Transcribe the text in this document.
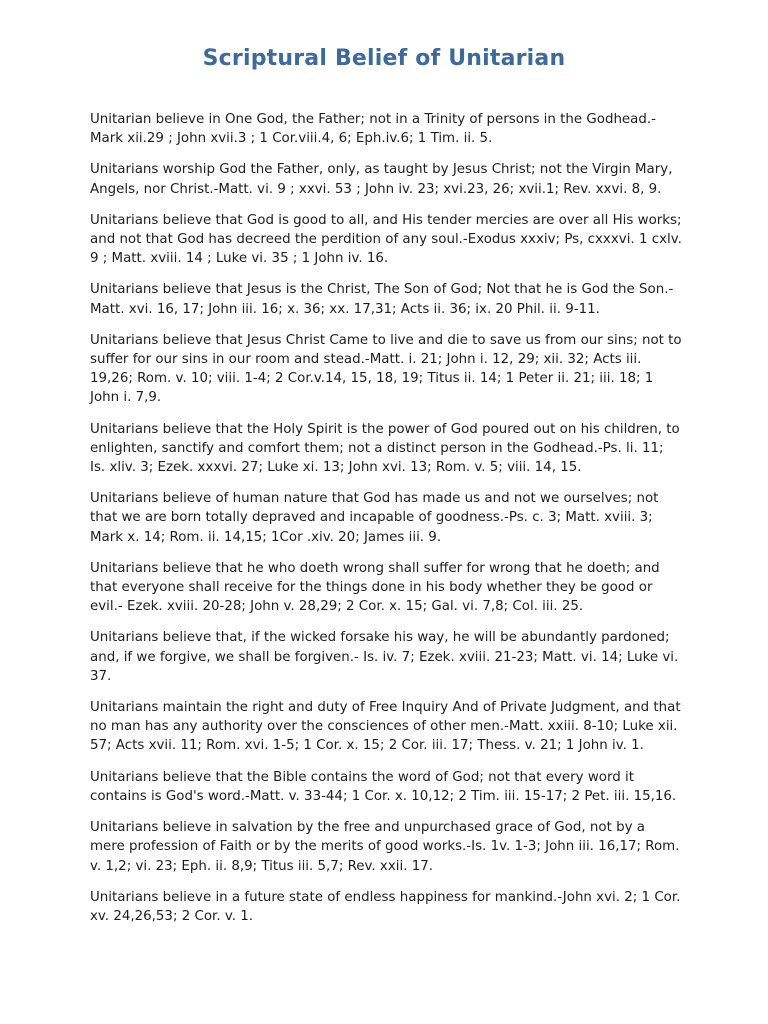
Scriptural Belief of Unitarian

Unitarian believe in One God, the Father; not in a Trinity of persons in the Godhead.-Mark xii.29 ; John xvii.3 ; 1 Cor.viii.4, 6; Eph.iv.6; 1 Tim. ii. 5.

Unitarians worship God the Father, only, as taught by Jesus Christ; not the Virgin Mary, Angels, nor Christ.-Matt. vi. 9 ; xxvi. 53 ; John iv. 23; xvi.23, 26; xvii.1; Rev. xxvi. 8, 9.

Unitarians believe that God is good to all, and His tender mercies are over all His works; and not that God has decreed the perdition of any soul.-Exodus xxxiv; Ps, cxxxvi. 1 cxlv. 9 ; Matt. xviii. 14 ; Luke vi. 35 ; 1 John iv. 16.

Unitarians believe that Jesus is the Christ, The Son of God; Not that he is God the Son.-Matt. xvi. 16, 17; John iii. 16; x. 36; xx. 17,31; Acts ii. 36; ix. 20 Phil. ii. 9-11.

Unitarians believe that Jesus Christ Came to live and die to save us from our sins; not to suffer for our sins in our room and stead.-Matt. i. 21; John i. 12, 29; xii. 32; Acts iii. 19,26; Rom. v. 10; viii. 1-4; 2 Cor.v.14, 15, 18, 19; Titus ii. 14; 1 Peter ii. 21; iii. 18; 1 John i. 7,9.

Unitarians believe that the Holy Spirit is the power of God poured out on his children, to enlighten, sanctify and comfort them; not a distinct person in the Godhead.-Ps. li. 11; Is. xliv. 3; Ezek. xxxvi. 27; Luke xi. 13; John xvi. 13; Rom. v. 5; viii. 14, 15.

Unitarians believe of human nature that God has made us and not we ourselves; not that we are born totally depraved and incapable of goodness.-Ps. c. 3; Matt. xviii. 3; Mark x. 14; Rom. ii. 14,15; 1Cor .xiv. 20; James iii. 9.

Unitarians believe that he who doeth wrong shall suffer for wrong that he doeth; and that everyone shall receive for the things done in his body whether they be good or evil.- Ezek. xviii. 20-28; John v. 28,29; 2 Cor. x. 15; Gal. vi. 7,8; Col. iii. 25.

Unitarians believe that, if the wicked forsake his way, he will be abundantly pardoned; and, if we forgive, we shall be forgiven.- Is. iv. 7; Ezek. xviii. 21-23; Matt. vi. 14; Luke vi. 37.

Unitarians maintain the right and duty of Free Inquiry And of Private Judgment, and that no man has any authority over the consciences of other men.-Matt. xxiii. 8-10; Luke xii. 57; Acts xvii. 11; Rom. xvi. 1-5; 1 Cor. x. 15; 2 Cor. iii. 17; Thess. v. 21; 1 John iv. 1.

Unitarians believe that the Bible contains the word of God; not that every word it contains is God's word.-Matt. v. 33-44; 1 Cor. x. 10,12; 2 Tim. iii. 15-17; 2 Pet. iii. 15,16.

Unitarians believe in salvation by the free and unpurchased grace of God, not by a mere profession of Faith or by the merits of good works.-Is. 1v. 1-3; John iii. 16,17; Rom. v. 1,2; vi. 23; Eph. ii. 8,9; Titus iii. 5,7; Rev. xxii. 17.

Unitarians believe in a future state of endless happiness for mankind.-John xvi. 2; 1 Cor. xv. 24,26,53; 2 Cor. v. 1.
